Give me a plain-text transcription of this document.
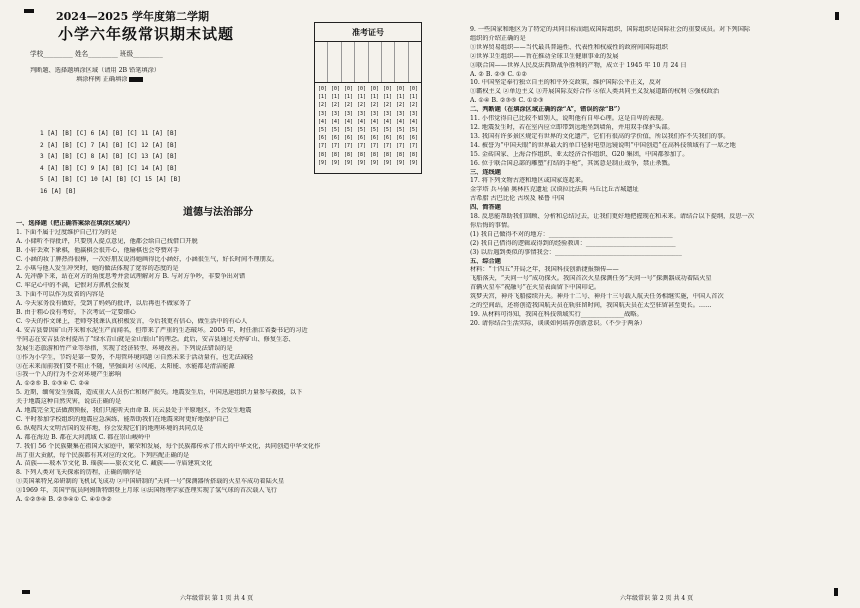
2024—2025 学年度第二学期
小学六年级常识期末试题
学校_________ 姓名_________ 班级_________
判断题、选择题填涂区域（请用 2B 铅笔填涂）
填涂样例 正确填涂
1 [A] [B] [C] 6 [A] [B] [C] 11 [A] [B]
2 [A] [B] [C] 7 [A] [B] [C] 12 [A] [B]
3 [A] [B] [C] 8 [A] [B] [C] 13 [A] [B]
4 [A] [B] [C] 9 [A] [B] [C] 14 [A] [B]
5 [A] [B] [C] 10 [A] [B] [C] 15 [A] [B]
16 [A] [B]
准考证号
[0]
[1]
[2]
[3]
[4]
[5]
[6]
[7]
[8]
[9]
[0]
[1]
[2]
[3]
[4]
[5]
[6]
[7]
[8]
[9]
[0]
[1]
[2]
[3]
[4]
[5]
[6]
[7]
[8]
[9]
[0]
[1]
[2]
[3]
[4]
[5]
[6]
[7]
[8]
[9]
[0]
[1]
[2]
[3]
[4]
[5]
[6]
[7]
[8]
[9]
[0]
[1]
[2]
[3]
[4]
[5]
[6]
[7]
[8]
[9]
[0]
[1]
[2]
[3]
[4]
[5]
[6]
[7]
[8]
[9]
[0]
[1]
[2]
[3]
[4]
[5]
[6]
[7]
[8]
[9]
道德与法治部分
一、选择题（把正确答案涂在填涂区域内）
1. 下面不属于过度维护自己行为的是
A. 小储听不得批评，只要别人提点意见，他都会给自己找借口开脱
B. 小轩丢欢下象棋，他赢棋会很开心，他输棋也会夸赞对手
C. 小涵的妆丁脾热得很棒，一次好朋友说得她画得比小涵好，小涵很生气，好长时间不理朋友。
2. 小琪与他人发生冲突时，她的做法体现了宽容的态度的是
A. 先冲静下来，站在对方的角度思考并尝试理解对方 B. 与对方争吵，非要争出对错
C. 牢记心中的不满，记恨对方抓机会报复
3. 下面不可以作为反省的内容是
A. 今天家务没有做好，受到了妈妈的批评，以后再也不做家务了
B. 由于粗心没有考好，下次考试一定要细心
C. 今天的作文课上，老师夸我课认真积极发言，今后我更有信心，做生活中的有心人
4. 安吉县曾因矿山开采和水泥生产而闻名，但带来了严重的生态破坏。2005 年，时任浙江省委书记的习近
平同志在安吉县余村提出了“绿水青山就是金山银山”的理念。此后，安吉县通过关停矿山、修复生态、
发展生态旅游和竹产业等举措，实现了经济转型、环境改善。下列说法错误的是
①作为小学生，节约是第一要务，不用管环境问题 ②自然未来于活动量有，也无法减轻
③在未来而前我们要不阻止不随，坚强面对 ④风能、太阳能、水能都是清洁能源
⑤我一个人的行为不会对环境产生影响
A. ①②⑤ B. ①③④ C. ②④
5. 近期，缅甸发生强震，造成重大人员伤亡和财产损失。地震发生后，中国迅速组织力量参与救援，以下
关于地震这种自然灾害，说法正确的是
A. 地震完全无法做测预报，我们只能听天由命 B. 庆云县处于平原地区，不会发生地震
C. 平时参加学校组织的地震应急演练，能帮助我们在地震来时更好地保护自己
6. 纵观四大文明古国的发祥地，你会发现它们的地理环境的共同点是
A. 都在海边 B. 都在大河流域 C. 都在崇山峻岭中
7. 我们 56 个民族聚集在祖国大家庭中，繁荣和发展，每个民族都传承了伟大的中华文化，共同创造中华文化作
出了重大贡献，每个民族都有其对应的文化。下列匹配正确的是
A. 苗族——玻木节文化 B. 瑶族——旅衣文化 C. 藏族——寺庙建筑文化
8. 下列人类对飞天探索的历程，正确的顺序是
①美国莱特兄弟研制的飞机试飞成功 ②中国研制的“天问一号”探测器所搭载的火星车成功着陆火星
③1969 年，美国宇航员阿姆斯特朗登上月球 ④法国物理学家查理实现了氢气球的首次载人飞行
A. ①②③④ B. ②③④① C. ④①③②
六年级常识 第 1 页 共 4 页
9. 一些国家和地区为了特定的共同目标而组成国际组织，国际组织是国际社会的重要成员。对下列国际
组织的介绍正确的是
①世界贸易组织——当代最具普遍性、代表性和权威性的政府间国际组织
②世界卫生组织——旨在推动全球卫生健康事业的发展
③联合国——世界人民反法西斯战争胜利的产物，成立于 1945 年 10 月 24 日
A. ② B. ②③ C. ①②
10. 中国坚定奉行独立自主的和平外交政策，维护国际公平正义，反对
①霸权主义 ②单边主义 ③开展国际友好合作 ④依人类共同主义发展道路的权利 ⑤强权政治
A. ①④ B. ②③⑤ C. ①②③
二、判断题（在填涂区域正确的涂“A”，错误的涂“B”）
11. 小伟觉得自己比较不如别人，说明他有自卑心理。这是自卑的表现。
12. 地震发生时，若在室内应立即带到远地坐到墙角，并用双手保护头部。
13. 我国有许多景区规定有世界的文化遗产，它们有很高的学价值，所以我们作不失我们的事。
14. 被誉为“中国天眼”的世界最大的单口径射电望远镜说明“中国创造”在高科技领域有了一席之地
15. 金砖国家、上海合作组织、亚太经济合作组织、G20 集团，中国都参加了。
16. 位于联合国总部的雕塑“打结的手枪”，其寓意是制止战争，禁止杀戮。
三、连线题
17. 将下列文物古迹和地区或国家连起来。
金字塔 兵马俑 奥林匹克遗址 汉谟拉比法典 马丘比丘古城遗址
古希腊 古巴比伦 古埃及 秘鲁 中国
四、简答题
18. 反思能帮助我们回顾、分析和总结过去，让我们更好地把握现在和未来。请结合以下提纲，反思一次
你后悔的事情。
(1) 我自己做得不对的地方：________________________________________
(2) 我自己借得的逻辑或得到的经验教训：_____________________________
(3) 以后遇到类似的事情我会：_________________________________________
五、综合题
材料：“十四五”开局之年，我国科技创新捷报频传——
飞船落天，“天问一号”成功探火。我国首次火星探测任务“天问一号”探测器成功着陆火星
首辆火星车“祝融号”在火星表面留下中国印记。
筑梦天宫，神舟飞船接续升天。神舟十二号、神舟十三号载人航天任务相继实施，中国人首次
之的空间站，还将创造我国航天员在轨驻留时间，我国航天员在太空驻留甚至更长。……
19. 从材料可得知，我国在科技领域实行______________战略。
20. 请你结合生活实际，谈谈如何培养创新意识。（不少于两条）
六年级常识 第 2 页 共 4 页
